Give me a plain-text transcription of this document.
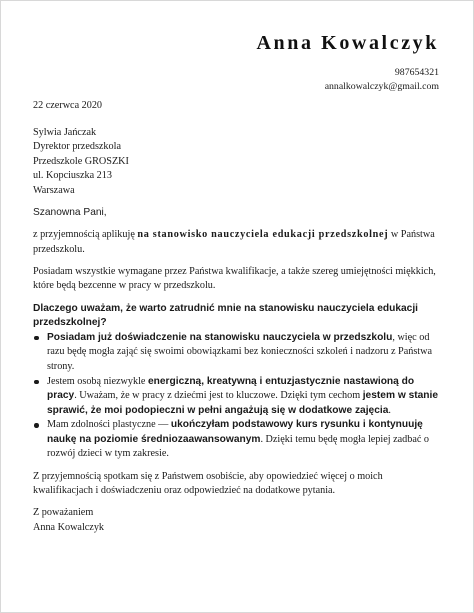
Anna Kowalczyk
987654321
annalkowalczyk@gmail.com
22 czerwca 2020
Sylwia Jańczak
Dyrektor przedszkola
Przedszkole GROSZKI
ul. Kopciuszka 213
Warszawa

Szanowna Pani,

z przyjemnością aplikuję na stanowisko nauczyciela edukacji przedszkolnej w Państwa przedszkolu.

Posiadam wszystkie wymagane przez Państwa kwalifikacje, a także szereg umiejętności miękkich, które będą bezcenne w pracy w przedszkolu.

Dlaczego uważam, że warto zatrudnić mnie na stanowisku nauczyciela edukacji przedszkolnej?

Posiadam już doświadczenie na stanowisku nauczyciela w przedszkolu, więc od razu będę mogła zająć się swoimi obowiązkami bez konieczności szkoleń i nadzoru z Państwa strony.
Jestem osobą niezwykle energiczną, kreatywną i entuzjastycznie nastawioną do pracy. Uważam, że w pracy z dziećmi jest to kluczowe. Dzięki tym cechom jestem w stanie sprawić, że moi podopieczni w pełni angażują się w dodatkowe zajęcia.
Mam zdolności plastyczne — ukończyłam podstawowy kurs rysunku i kontynuuję naukę na poziomie średniozaawansowanym. Dzięki temu będę mogła lepiej zadbać o rozwój dzieci w tym zakresie.

Z przyjemnością spotkam się z Państwem osobiście, aby opowiedzieć więcej o moich kwalifikacjach i doświadczeniu oraz odpowiedzieć na dodatkowe pytania.

Z poważaniem
Anna Kowalczyk
